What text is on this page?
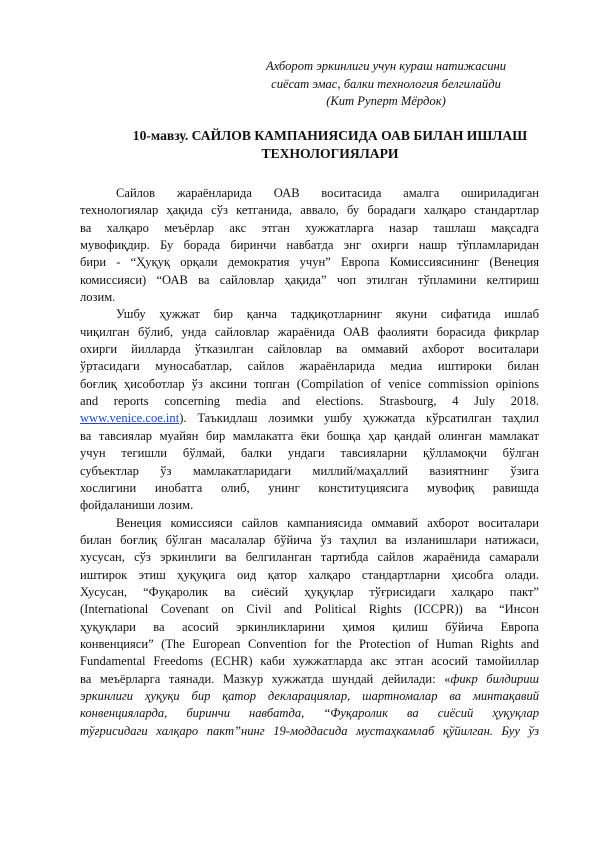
Ахборот эркинлиги учун кураш натижасини
сиёсат эмас, балки технология белгилайди
(Кит Руперт Мёрдок)
10-мавзу. САЙЛОВ КАМПАНИЯСИДА ОАВ БИЛАН ИШЛАШ
ТЕХНОЛОГИЯЛАРИ
Сайлов жараёнларида ОАВ воситасида амалга ошириладиган
технологиялар ҳақида сўз кетганида, аввало, бу борадаги халқаро стандартлар
ва халқаро меъёрлар акс этган хужжатларга назар ташлаш мақсадга
мувофиқдир. Бу борада биринчи навбатда энг охирги нашр тўпламларидан
бири - “Ҳуқуқ орқали демократия учун” Европа Комиссиясининг (Венеция
комиссияси) “ОАВ ва сайловлар ҳақида” чоп этилган тўпламини келтириш
лозим.
Ушбу ҳужжат бир қанча тадқиқотларнинг якуни сифатида ишлаб
чиқилган бўлиб, унда сайловлар жараёнида ОАВ фаолияти борасида фикрлар
охирги йилларда ўтказилган сайловлар ва оммавий ахборот воситалари
ўртасидаги муносабатлар, сайлов жараёнларида медиа иштироки билан
боғлиқ ҳисоботлар ўз аксини топган (Compilation of venice commission opinions
and reports concerning media and elections. Strasbourg, 4 July 2018.
www.venice.coe.int). Таъкидлаш лозимки ушбу ҳужжатда кўрсатилган таҳлил
ва тавсиялар муайян бир мамлакатга ёки бошқа ҳар қандай олинган мамлакат
учун тегишли бўлмай, балки ундаги тавсияларни қўлламоқчи бўлган
субъектлар ўз мамлакатларидаги миллий/маҳаллий вазиятнинг ўзига
хослигини инобатга олиб, унинг конституциясига мувофиқ равишда
фойдаланиши лозим.
Венеция комиссияси сайлов кампаниясида оммавий ахборот воситалари
билан боғлиқ бўлган масалалар бўйича ўз таҳлил ва изланишлари натижаси,
хусусан, сўз эркинлиги ва белгиланган тартибда сайлов жараёнида самарали
иштирок этиш ҳуқуқига оид қатор халқаро стандартларни ҳисобга олади.
Хусусан, “Фуқаролик ва сиёсий ҳуқуқлар тўғрисидаги халқаро пакт”
(International Covenant on Civil and Political Rights (ICCPR)) ва “Инсон
ҳуқуқлари ва асосий эркинликларини ҳимоя қилиш бўйича Европа
конвенцияси” (The European Convention for the Protection of Human Rights and
Fundamental Freedoms (ECHR) каби хужжатларда акс этган асосий тамойиллар
ва меъёрларга таянади. Мазкур хужжатда шундай дейилади: «фикр билдириш
эркинлиги ҳуқуқи бир қатор декларациялар, шартномалар ва минтақавий
конвенцияларда, биринчи навбатда, “Фуқаролик ва сиёсий ҳуқуқлар
тўғрисидаги халқаро пакт”нинг 19-моддасида мустаҳкамлаб қўйилган. Буу ўз
